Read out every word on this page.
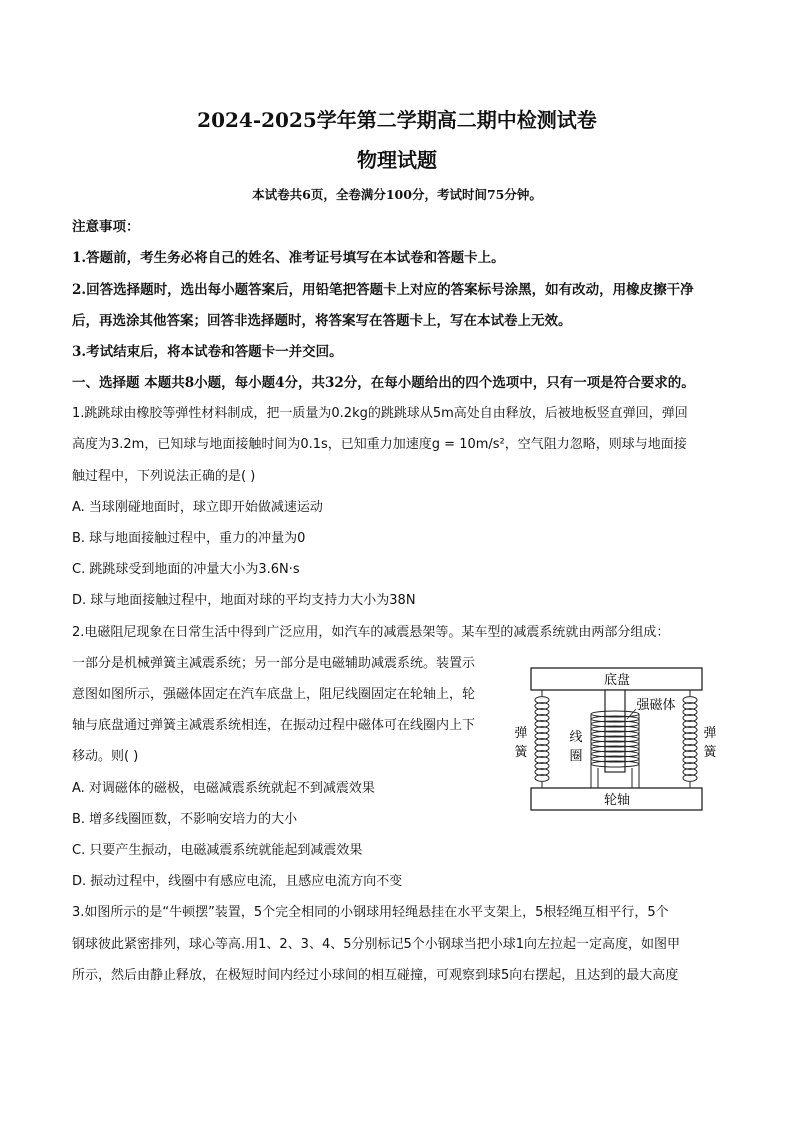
2024-2025学年第二学期高二期中检测试卷
物理试题
本试卷共6页，全卷满分100分，考试时间75分钟。
注意事项：
1.答题前，考生务必将自己的姓名、准考证号填写在本试卷和答题卡上。
2.回答选择题时，选出每小题答案后，用铅笔把答题卡上对应的答案标号涂黑，如有改动，用橡皮擦干净
后，再选涂其他答案；回答非选择题时，将答案写在答题卡上，写在本试卷上无效。
3.考试结束后，将本试卷和答题卡一并交回。
一、选择题 本题共8小题，每小题4分，共32分，在每小题给出的四个选项中，只有一项是符合要求的。
1.跳跳球由橡胶等弹性材料制成，把一质量为0.2kg的跳跳球从5m高处自由释放，后被地板竖直弹回，弹回
高度为3.2m，已知球与地面接触时间为0.1s，已知重力加速度g = 10m/s²，空气阻力忽略，则球与地面接
触过程中，下列说法正确的是( )
A. 当球刚碰地面时，球立即开始做减速运动
B. 球与地面接触过程中，重力的冲量为0
C. 跳跳球受到地面的冲量大小为3.6N·s
D. 球与地面接触过程中，地面对球的平均支持力大小为38N
2.电磁阻尼现象在日常生活中得到广泛应用，如汽车的减震悬架等。某车型的减震系统就由两部分组成：
一部分是机械弹簧主减震系统；另一部分是电磁辅助减震系统。装置示
意图如图所示，强磁体固定在汽车底盘上，阻尼线圈固定在轮轴上，轮
轴与底盘通过弹簧主减震系统相连，在振动过程中磁体可在线圈内上下
移动。则( )
A. 对调磁体的磁极，电磁减震系统就起不到减震效果
B. 增多线圈匝数，不影响安培力的大小
C. 只要产生振动，电磁减震系统就能起到减震效果
D. 振动过程中，线圈中有感应电流，且感应电流方向不变
底盘
轮轴
强磁体
弹
簧
弹
簧
线
圈
3.如图所示的是“牛顿摆”装置，5个完全相同的小钢球用轻绳悬挂在水平支架上，5根轻绳互相平行，5个
钢球彼此紧密排列，球心等高.用1、2、3、4、5分别标记5个小钢球当把小球1向左拉起一定高度，如图甲
所示，然后由静止释放，在极短时间内经过小球间的相互碰撞，可观察到球5向右摆起，且达到的最大高度
